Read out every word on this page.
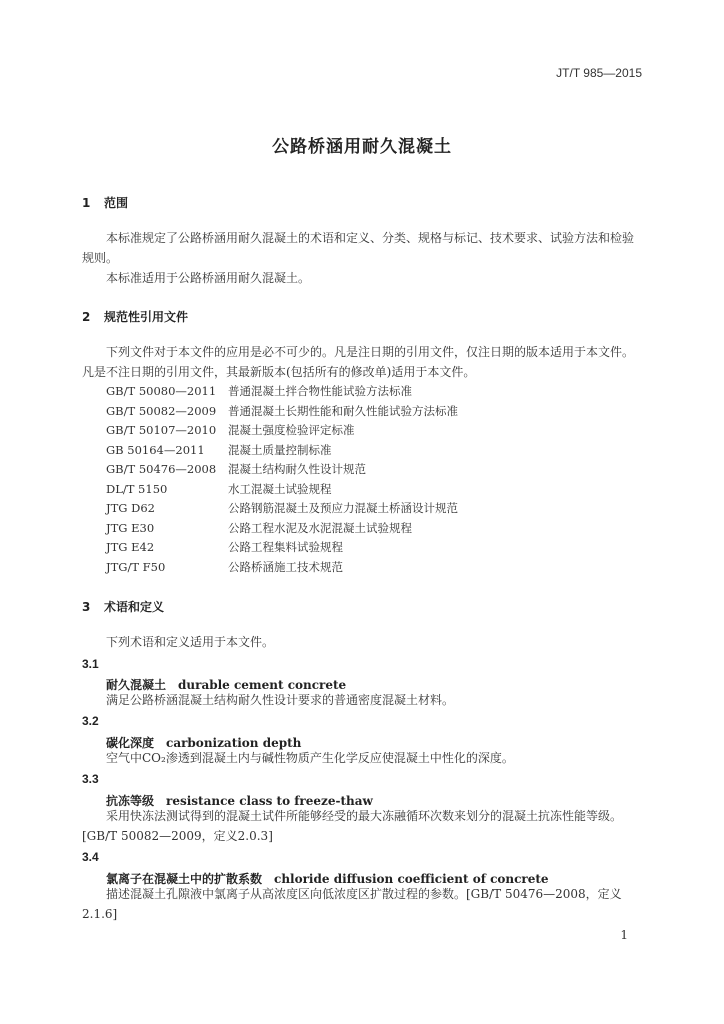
JT/T 985—2015
公路桥涵用耐久混凝土
1 范围
本标准规定了公路桥涵用耐久混凝土的术语和定义、分类、规格与标记、技术要求、试验方法和检验规则。
本标准适用于公路桥涵用耐久混凝土。
2 规范性引用文件
下列文件对于本文件的应用是必不可少的。凡是注日期的引用文件，仅注日期的版本适用于本文件。凡是不注日期的引用文件，其最新版本(包括所有的修改单)适用于本文件。
GB/T 50080—2011 普通混凝土拌合物性能试验方法标准
GB/T 50082—2009 普通混凝土长期性能和耐久性能试验方法标准
GB/T 50107—2010 混凝土强度检验评定标准
GB 50164—2011 混凝土质量控制标准
GB/T 50476—2008 混凝土结构耐久性设计规范
DL/T 5150	水工混凝土试验规程
JTG D62	公路钢筋混凝土及预应力混凝土桥涵设计规范
JTG E30	公路工程水泥及水泥混凝土试验规程
JTG E42	公路工程集料试验规程
JTG/T F50	公路桥涵施工技术规范
3 术语和定义
下列术语和定义适用于本文件。
3.1
耐久混凝土 durable cement concrete
满足公路桥涵混凝土结构耐久性设计要求的普通密度混凝土材料。
3.2
碳化深度 carbonization depth
空气中CO₂渗透到混凝土内与碱性物质产生化学反应使混凝土中性化的深度。
3.3
抗冻等级 resistance class to freeze-thaw
采用快冻法测试得到的混凝土试件所能够经受的最大冻融循环次数来划分的混凝土抗冻性能等级。[GB/T 50082—2009，定义2.0.3]
3.4
氯离子在混凝土中的扩散系数 chloride diffusion coefficient of concrete
描述混凝土孔隙液中氯离子从高浓度区向低浓度区扩散过程的参数。[GB/T 50476—2008，定义2.1.6]
1
